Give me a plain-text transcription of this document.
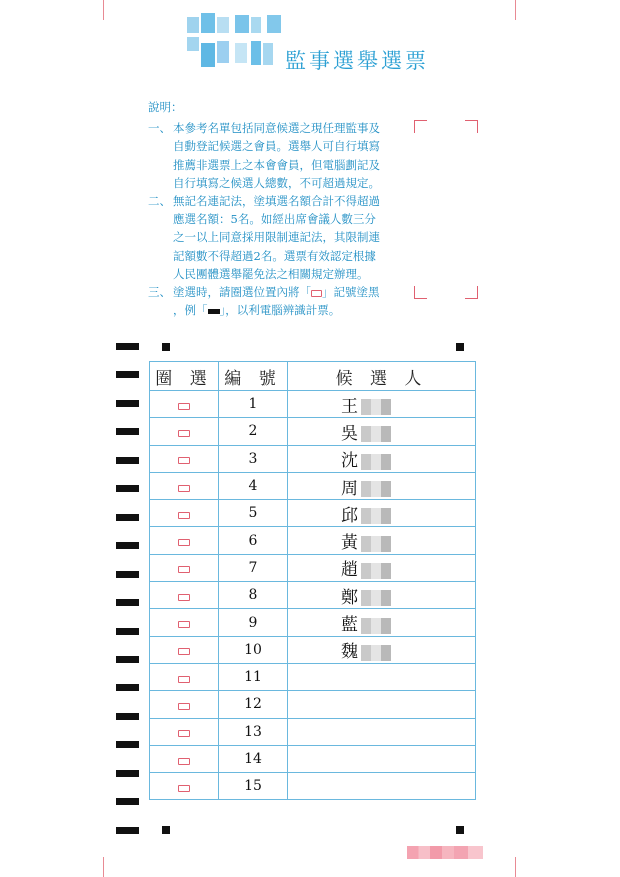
監事選舉選票
說明：
一、 本參考名單包括同意候選之現任理監事及
自動登記候選之會員。選舉人可自行填寫
推薦非選票上之本會會員，但電腦劃記及
自行填寫之候選人總數，不可超過規定。
二、 無記名連記法，塗填選名額合計不得超過
應選名額：5名。如經出席會議人數三分
之一以上同意採用限制連記法，其限制連
記額數不得超過2名。選票有效認定根據
人民團體選舉罷免法之相關規定辦理。
三、 塗選時，請圈選位置內將「 」記號塗黑
，例「 」，以利電腦辨識計票。
圈 選	編 號	候 選 人
	1	王
	2	吳
	3	沈
	4	周
	5	邱
	6	黃
	7	趙
	8	鄭
	9	藍
	10	魏
	11	
	12	
	13	
	14	
	15	
